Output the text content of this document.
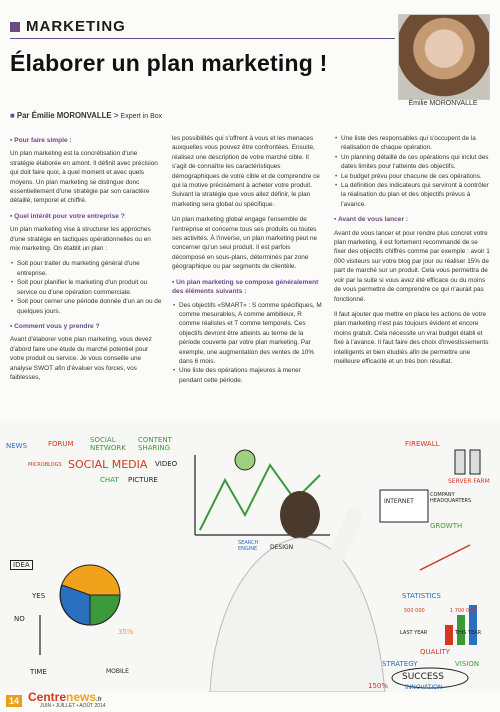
MARKETING
Élaborer un plan marketing !
Émilie MORONVALLE
■ Par Émilie MORONVALLE > Expert in Box
▪ Pour faire simple :

Un plan marketing est la concrétisation d'une stratégie élaborée en amont. Il définit avec précision qui doit faire quoi, à quel moment et avec quels moyens. Un plan marketing se distingue donc essentiellement d'une stratégie par son caractère détaillé, temporel et chiffré.

▪ Quel intérêt pour votre entreprise ?

Un plan marketing vise à structurer les approches d'une stratégie en tactiques opérationnelles ou en mix marketing. On établit un plan :

• Soit pour traiter du marketing général d'une entreprise.
• Soit pour planifier le marketing d'un produit ou service ou d'une opération commerciale.
• Soit pour cerner une période donnée d'un an ou de quelques jours.
▪ Comment vous y prendre ?

Avant d'élaborer votre plan marketing, vous devez d'abord faire une étude du marché potentiel pour votre produit ou service. Je vous conseille une analyse SWOT afin d'évaluer vos forces, vos faiblesses,

les possibilités qui s'offrent à vous et les menaces auxquelles vous pouvez être confrontées. Ensuite, réalisez une description de votre marché cible. Il s'agit de connaître les caractéristiques démographiques de votre cible et de comprendre ce qui la motive précisément à acheter votre produit. Suivant la stratégie que vous allez définir, le plan marketing sera global ou spécifique.

Un plan marketing global engage l'ensemble de l'entreprise et concerne tous ses produits ou toutes ses activités. À l'inverse, un plan marketing peut ne concerner qu'un seul produit. Il est parfois décomposé en sous-plans, déterminés par zone géographique ou par segments de clientèle.

▪ Un plan marketing se compose généralement des éléments suivants :
• Des objectifs «SMART» : S comme spécifiques, M comme mesurables, A comme ambitieux, R comme réalistes et T comme temporels. Ces objectifs devront être atteints au terme de la période couverte par votre plan marketing. Par exemple, une augmentation des ventes de 10% dans 6 mois.
• Une liste des opérations majeures à mener pendant cette période.
• Une liste des responsables qui s'occupent de la réalisation de chaque opération.
• Un planning détaillé de ces opérations qui inclut des dates limites pour l'atteinte des objectifs.
• Le budget prévu pour chacune de ces opérations.
• La définition des indicateurs qui serviront à contrôler la réalisation du plan et des objectifs prévus à l'avance.
▪ Avant de vous lancer :

Avant de vous lancer et pour rendre plus concret votre plan marketing, il est fortement recommandé de se fixer des objectifs chiffrés comme par exemple : avoir 1 000 visiteurs sur votre blog par jour ou réaliser 15% de part de marché sur un produit. Cela vous permettra de voir par la suite si vous avez été efficace ou du moins de vous permettre de comprendre ce qui n'aurait pas fonctionné.

Il faut ajouter que mettre en place les actions de votre plan marketing n'est pas toujours évident et encore moins gratuit. Cela nécessite un vrai budget établi et fixé à l'avance. Il faut faire des choix d'investissements intelligents et bien étudiés afin de permettre une meilleure efficacité et un très bon résultat.

NEWS	FORUM SOCIAL NETWORK
CONTENT SHARING
MICROBLOGS SOCIAL MEDIA VIDEO
CHAT PICTURE
FIREWALL
SERVER FARM
INTERNET
COMPANY HEADQUARTERS
GROWTH
IDEA
YES
NO
TIME
35%
SEARCH ENGINE	DESIGN
MOBILE
STATISTICS
500 000	1 700 000
LAST YEAR	THIS YEAR
QUALITY
STRATEGY	VISION
SUCCESS
INNOVATION
150%
14 Centrenews.fr
JUIN • JUILLET • AOÛT 2014
